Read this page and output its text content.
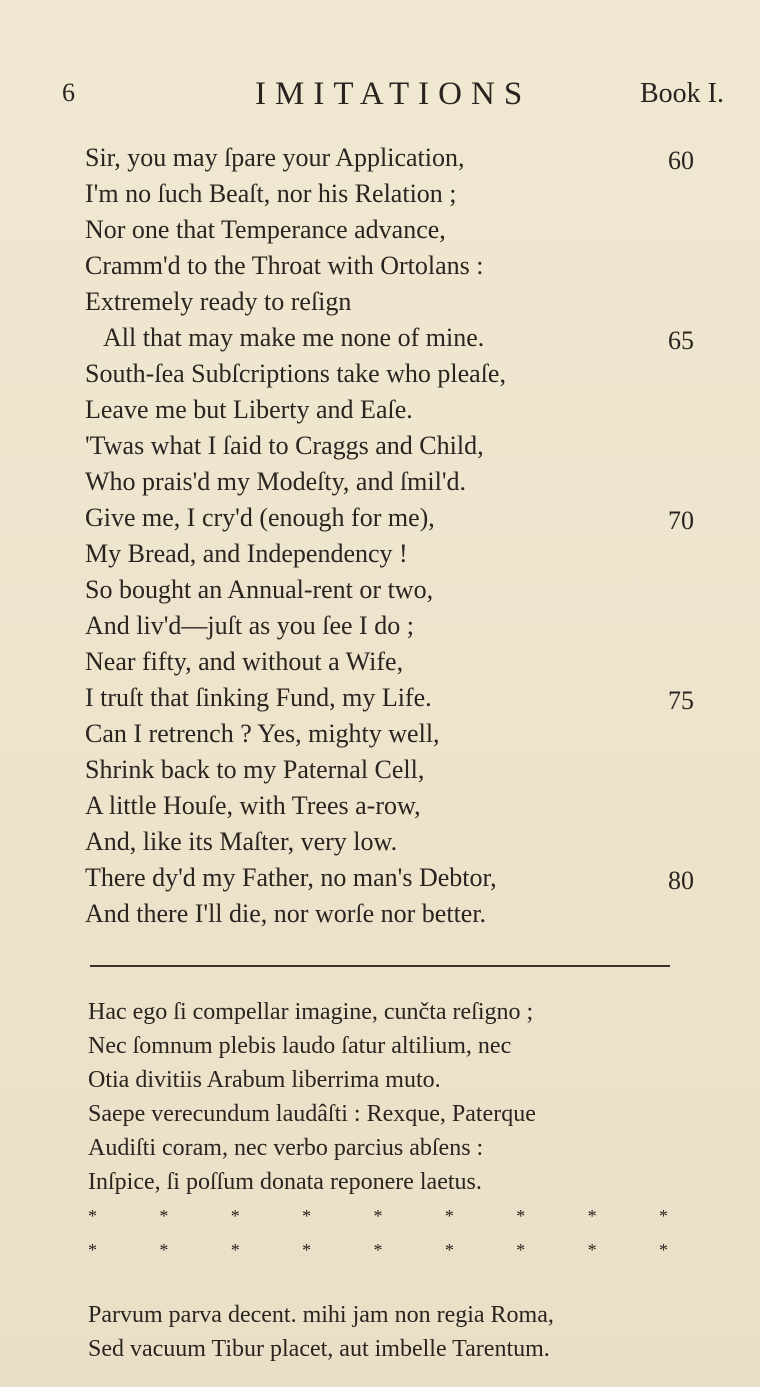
6	IMITATIONS	Book I.
Sir, you may ſpare your Application,
I'm no ſuch Beaſt, nor his Relation ;
Nor one that Temperance advance,
Cramm'd to the Throat with Ortolans :
Extremely ready to reſign
All that may make me none of mine.
South-ſea Subſcriptions take who pleaſe,
Leave me but Liberty and Eaſe.
'Twas what I ſaid to Craggs and Child,
Who prais'd my Modeſty, and ſmil'd.
Give me, I cry'd (enough for me),
My Bread, and Independency !
So bought an Annual-rent or two,
And liv'd—juſt as you ſee I do ;
Near fifty, and without a Wife,
I truſt that ſinking Fund, my Life.
Can I retrench ? Yes, mighty well,
Shrink back to my Paternal Cell,
A little Houſe, with Trees a-row,
And, like its Maſter, very low.
There dy'd my Father, no man's Debtor,
And there I'll die, nor worſe nor better.
60
65
70
75
80
Hac ego ſi compellar imagine, cunčta reſigno ;
Nec ſomnum plebis laudo ſatur altilium, nec
Otia divitiis Arabum liberrima muto.
Saepe verecundum laudâſti : Rexque, Paterque
Audiſti coram, nec verbo parcius abſens :
Inſpice, ſi poſſum donata reponere laetus.
*	*	*	*	*	*	*	*	*
*	*	*	*	*	*	*	*	*
Parvum parva decent. mihi jam non regia Roma,
Sed vacuum Tibur placet, aut imbelle Tarentum.
